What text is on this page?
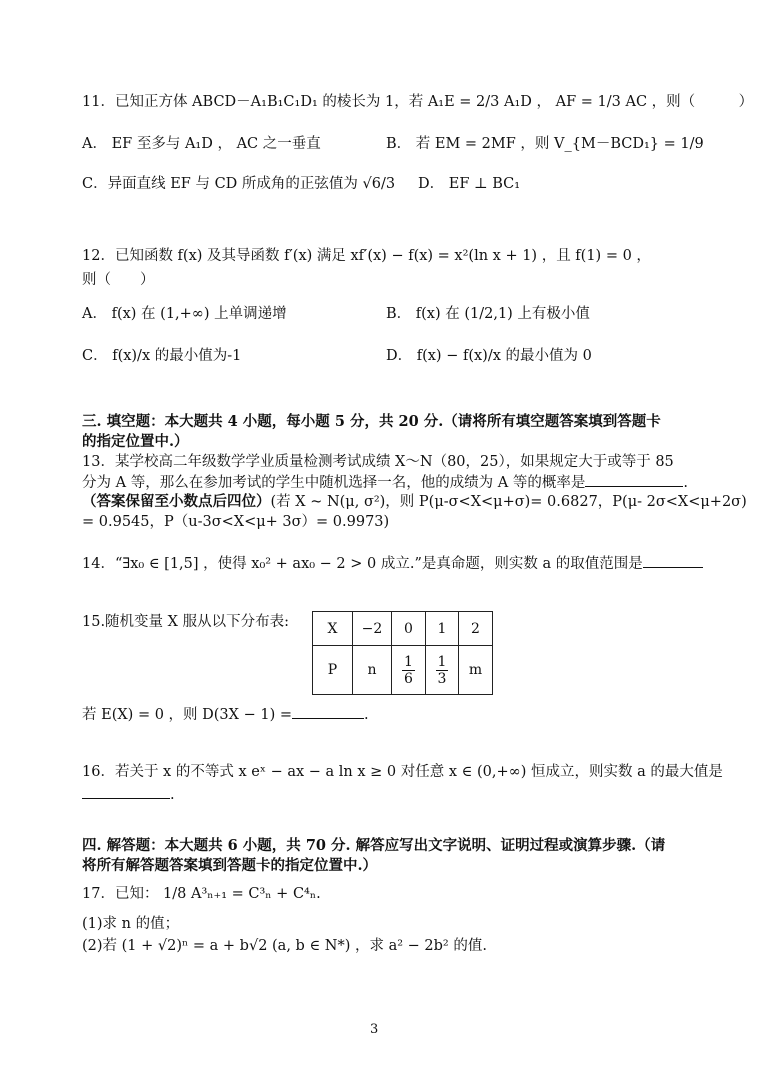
11．已知正方体 ABCD－A₁B₁C₁D₁ 的棱长为 1，若 A₁E = 2/3 A₁D ， AF = 1/3 AC ，则（　　　）
A． EF 至多与 A₁D ， AC 之一垂直	B． 若 EM = 2MF ，则 V_{M－BCD₁} = 1/9
C．异面直线 EF 与 CD 所成角的正弦值为 √6/3 D． EF ⊥ BC₁
12．已知函数 f(x) 及其导函数 f′(x) 满足 xf′(x) − f(x) = x²(ln x + 1) ，且 f(1) = 0 ，
则（　　）
A． f(x) 在 (1,+∞) 上单调递增	B． f(x) 在 (1/2,1) 上有极小值
C． f(x)/x 的最小值为-1	D． f(x) − f(x)/x 的最小值为 0
三. 填空题：本大题共 4 小题，每小题 5 分，共 20 分.（请将所有填空题答案填到答题卡
的指定位置中.）
13．某学校高二年级数学学业质量检测考试成绩 X～N（80，25），如果规定大于或等于 85
分为 A 等，那么在参加考试的学生中随机选择一名，他的成绩为 A 等的概率是	.
（答案保留至小数点后四位）(若 X ~ N(μ, σ²)，则 P(μ-σ<X<μ+σ)= 0.6827，P(μ- 2σ<X<μ+2σ)
= 0.9545，P（u-3σ<X<μ+ 3σ）= 0.9973)
14．“∃x₀ ∈ [1,5] ，使得 x₀² + ax₀ − 2 > 0 成立.”是真命题，则实数 a 的取值范围是
15.随机变量 X 服从以下分布表:	X	−2	0	1	2
P	n	$\frac{1}{6}$	$\frac{1}{3}$	m
若 E(X) = 0 ，则 D(3X − 1) =	.
16．若关于 x 的不等式 x eˣ − ax − a ln x ≥ 0 对任意 x ∈ (0,+∞) 恒成立，则实数 a 的最大值是
.
四. 解答题：本大题共 6 小题，共 70 分. 解答应写出文字说明、证明过程或演算步骤.（请
将所有解答题答案填到答题卡的指定位置中.）
17．已知： 1/8 A³ₙ₊₁ = C³ₙ + C⁴ₙ.
(1)求 n 的值；
(2)若 (1 + √2)ⁿ = a + b√2 (a, b ∈ N*) ，求 a² − 2b² 的值.
3
